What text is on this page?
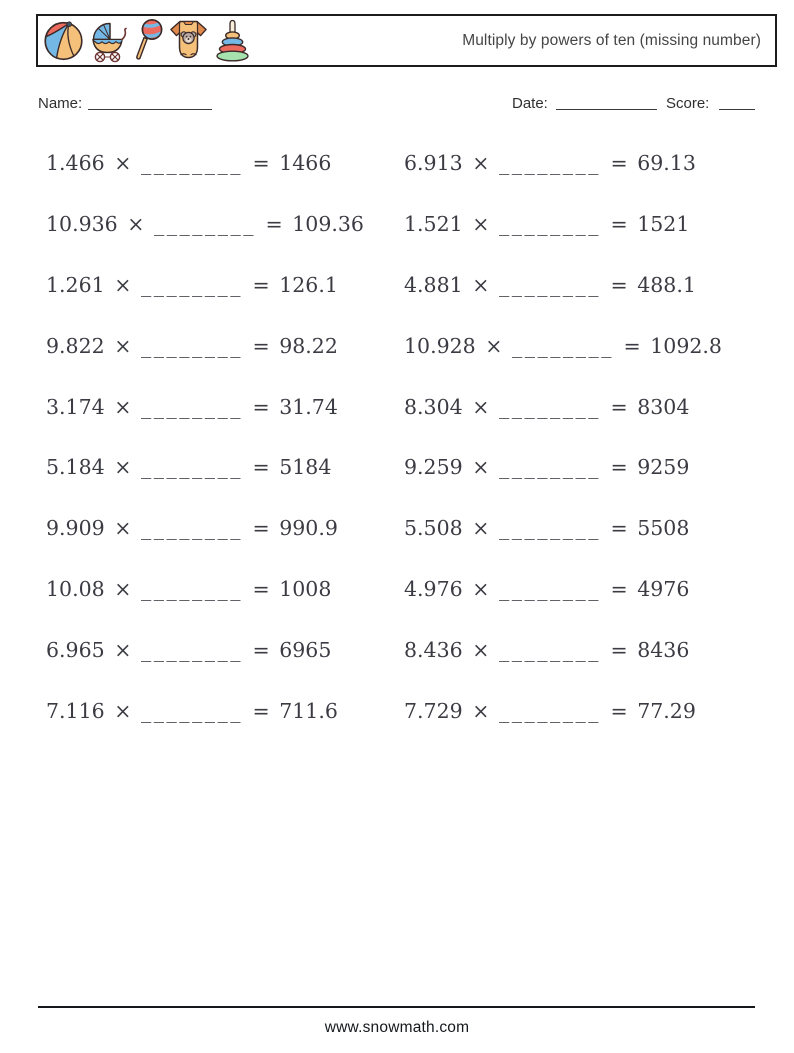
Multiply by powers of ten (missing number)
Name:	Date:	Score:
1.466 × ________ = 1466
10.936 × ________ = 109.36
1.261 × ________ = 126.1
9.822 × ________ = 98.22
3.174 × ________ = 31.74
5.184 × ________ = 5184
9.909 × ________ = 990.9
10.08 × ________ = 1008
6.965 × ________ = 6965
7.116 × ________ = 711.6
6.913 × ________ = 69.13
1.521 × ________ = 1521
4.881 × ________ = 488.1
10.928 × ________ = 1092.8
8.304 × ________ = 8304
9.259 × ________ = 9259
5.508 × ________ = 5508
4.976 × ________ = 4976
8.436 × ________ = 8436
7.729 × ________ = 77.29
www.snowmath.com
